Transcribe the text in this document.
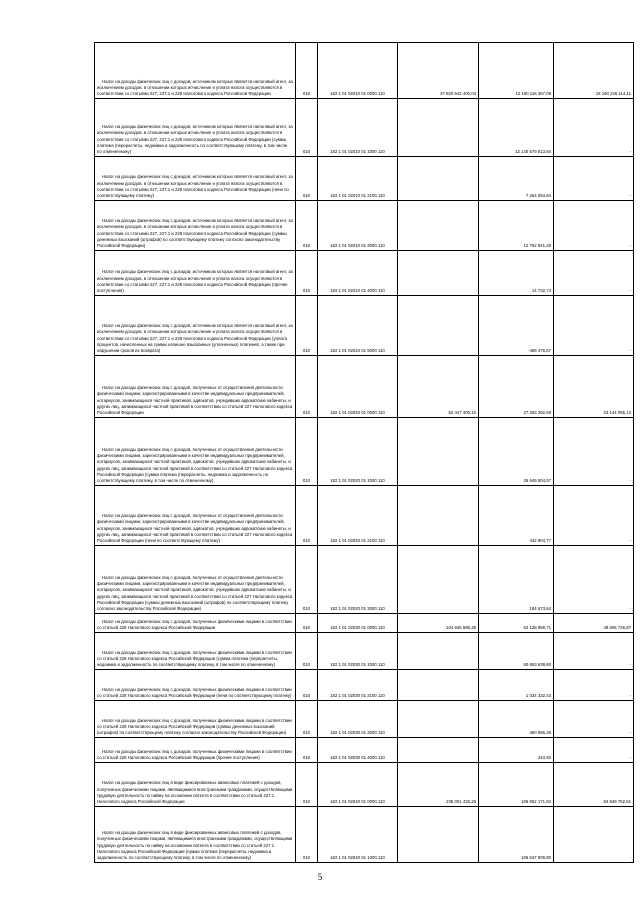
Налог на доходы физических лиц с доходов, источником которых является налоговый агент, за исключением доходов, в отношении которых исчисление и уплата налога осуществляются в соответствии со статьями 227, 227.1 и 228 Налогового кодекса Российской Федерации	010	182 1 01 02010 01 0000 110	37 820 642 400,04	12 180 116 367,09	18 160 226 114,11

Налог на доходы физических лиц с доходов, источником которых является налоговый агент, за исключением доходов, в отношении которых исчисление и уплата налога осуществляются в соответствии со статьями 227, 227.1 и 228 Налогового кодекса Российской Федерации (сумма платежа (перерасчеты, недоимка и задолженность по соответствующему платежу, в том числе по отмененному)	010	182 1 01 02010 01 1000 110		12 140 579 513,84	-

Налог на доходы физических лиц с доходов, источником которых является налоговый агент, за исключением доходов, в отношении которых исчисление и уплата налога осуществляются в соответствии со статьями 227, 227.1 и 228 Налогового кодекса Российской Федерации (пени по соответствующему платежу)	010	182 1 01 02010 01 2100 110		7 264 053,84	-

Налог на доходы физических лиц с доходов, источником которых является налоговый агент, за исключением доходов, в отношении которых исчисление и уплата налога осуществляются в соответствии со статьями 227, 227.1 и 228 Налогового кодекса Российской Федерации (суммы денежных взысканий (штрафов) по соответствующему платежу согласно законодательству Российской Федерации)	010	182 1 01 02010 01 3000 110		12 752 941,29	-

Налог на доходы физических лиц с доходов, источником которых является налоговый агент, за исключением доходов, в отношении которых исчисление и уплата налога осуществляются в соответствии со статьями 227, 227.1 и 228 Налогового кодекса Российской Федерации (прочие поступления)	010	182 1 01 02010 01 4000 110		14 732,74	-

Налог на доходы физических лиц с доходов, источником которых является налоговый агент, за исключением доходов, в отношении которых исчисление и уплата налога осуществляются в соответствии со статьями 227, 227.1 и 228 Налогового кодекса Российской Федерации (уплата процентов, начисленных на суммы излишне взысканных (уплаченных) платежей, а также при нарушении сроков их возврата)	010	182 1 01 02010 01 5000 110		-489 476,67	-

Налог на доходы физических лиц с доходов, полученных от осуществления деятельности физическими лицами, зарегистрированными в качестве индивидуальных предпринимателей, нотариусов, занимающихся частной практикой, адвокатов, учредивших адвокатские кабинеты, и других лиц, занимающихся частной практикой в соответствии со статьей 227 Налогового кодекса Российской Федерации	010	182 1 01 02020 01 0000 110	52 447 400,16	27 303 392,69	23 144 055,13

Налог на доходы физических лиц с доходов, полученных от осуществления деятельности физическими лицами, зарегистрированными в качестве индивидуальных предпринимателей, нотариусов, занимающихся частной практикой, адвокатов, учредивших адвокатские кабинеты, и других лиц, занимающихся частной практикой в соответствии со статьей 227 Налогового кодекса Российской Федерации (сумма платежа (перерасчеты, недоимка и задолженность по соответствующему платежу, в том числе по отмененному)	010	182 1 01 02020 01 1000 110		26 649 504,57	-

Налог на доходы физических лиц с доходов, полученных от осуществления деятельности физическими лицами, зарегистрированными в качестве индивидуальных предпринимателей, нотариусов, занимающихся частной практикой, адвокатов, учредивших адвокатские кабинеты, и других лиц, занимающихся частной практикой в соответствии со статьей 227 Налогового кодекса Российской Федерации (пени по соответствующему платежу)	010	182 1 01 02020 01 2100 110		442 904,77	-

Налог на доходы физических лиц с доходов, полученных от осуществления деятельности физическими лицами, зарегистрированными в качестве индивидуальных предпринимателей, нотариусов, занимающихся частной практикой, адвокатов, учредивших адвокатские кабинеты, и других лиц, занимающихся частной практикой в соответствии со статьей 227 Налогового кодекса Российской Федерации (суммы денежных взысканий (штрафов) по соответствующему платежу согласно законодательству Российской Федерации)	010	182 1 01 02020 01 3000 110		184 673,64	-

Налог на доходы физических лиц с доходов, полученных физическими лицами в соответствии со статьей 228 Налогового кодекса Российской Федерации	010	182 1 01 02030 01 0000 110	104 846 595,39	62 138 959,71	49 605 725,87

Налог на доходы физических лиц с доходов, полученных физическими лицами в соответствии со статьей 228 Налогового кодекса Российской Федерации (сумма платежа (перерасчеты, недоимка и задолженность по соответствующему платежу, в том числе по отмененному)	010	182 1 01 02030 01 1000 110		60 653 639,80	-

Налог на доходы физических лиц с доходов, полученных физическими лицами в соответствии со статьей 228 Налогового кодекса Российской Федерации (пени по соответствующему платежу)	010	182 1 01 02030 01 2100 110		1 034 332,43	-

Налог на доходы физических лиц с доходов, полученных физическими лицами в соответствии со статьей 228 Налогового кодекса Российской Федерации (суммы денежных взысканий (штрафов) по соответствующему платежу согласно законодательству Российской Федерации)	010	182 1 01 02030 01 3000 110		460 556,26	-

Налог на доходы физических лиц с доходов, полученных физическими лицами в соответствии со статьей 228 Налогового кодекса Российской Федерации (прочие поступления)	010	182 1 01 02030 01 4000 110		343,92	-

Налог на доходы физических лиц в виде фиксированных авансовых платежей с доходов, полученных физическими лицами, являющимися иностранными гражданами, осуществляющими трудовую деятельность по найму на основании патента в соответствии со статьей 227.1 Налогового кодекса Российской Федерации	010	182 1 01 02040 01 0000 110	235 001 426,26	106 652 171,84	84 849 752,61

Налог на доходы физических лиц в виде фиксированных авансовых платежей с доходов, полученных физическими лицами, являющимися иностранными гражданами, осуществляющими трудовую деятельность по найму на основании патента в соответствии со статьей 227.1 Налогового кодекса Российской Федерации (сумма платежа (перерасчеты, недоимка и задолженность по соответствующему платежу, в том числе по отмененному)	010	182 1 01 02040 01 1000 110		106 647 909,80	-
5
